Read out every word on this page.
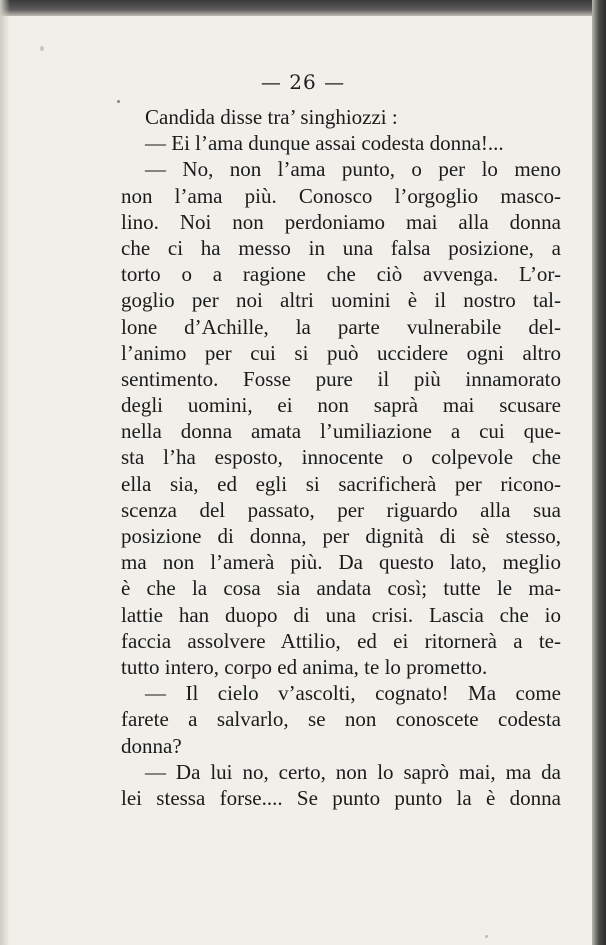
— 26 —
Candida disse tra’ singhiozzi :
— Ei l’ama dunque assai codesta donna!...
— No, non l’ama punto, o per lo meno
non l’ama più. Conosco l’orgoglio masco-
lino. Noi non perdoniamo mai alla donna
che ci ha messo in una falsa posizione, a
torto o a ragione che ciò avvenga. L’or-
goglio per noi altri uomini è il nostro tal-
lone d’Achille, la parte vulnerabile del-
l’animo per cui si può uccidere ogni altro
sentimento. Fosse pure il più innamorato
degli uomini, ei non saprà mai scusare
nella donna amata l’umiliazione a cui que-
sta l’ha esposto, innocente o colpevole che
ella sia, ed egli si sacrificherà per ricono-
scenza del passato, per riguardo alla sua
posizione di donna, per dignità di sè stesso,
ma non l’amerà più. Da questo lato, meglio
è che la cosa sia andata così; tutte le ma-
lattie han duopo di una crisi. Lascia che io
faccia assolvere Attilio, ed ei ritornerà a te-
tutto intero, corpo ed anima, te lo prometto.
— Il cielo v’ascolti, cognato! Ma come
farete a salvarlo, se non conoscete codesta
donna?
— Da lui no, certo, non lo saprò mai, ma da
lei stessa forse.... Se punto punto la è donna
